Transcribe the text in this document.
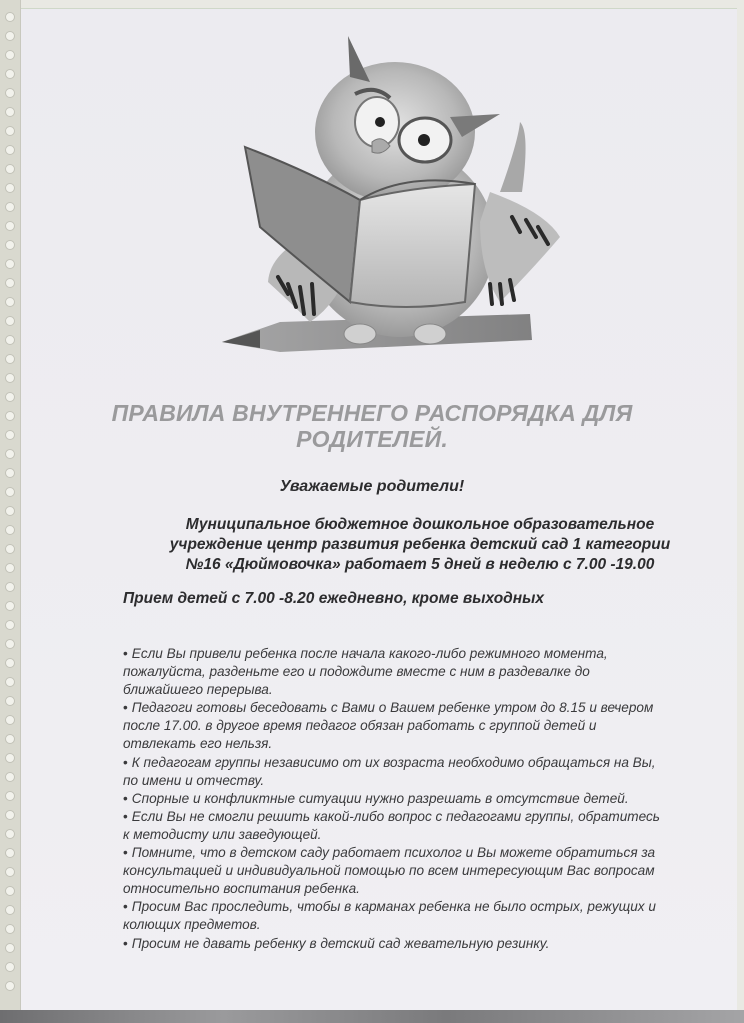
ПРАВИЛА ВНУТРЕННЕГО РАСПОРЯДКА ДЛЯ
РОДИТЕЛЕЙ.
Уважаемые родители!
Муниципальное бюджетное дошкольное образовательное
учреждение центр развития ребенка детский сад 1 категории
№16 «Дюймовочка» работает 5 дней в неделю с 7.00 -19.00
Прием детей с 7.00 -8.20 ежедневно, кроме выходных
• Если Вы привели ребенка после начала какого-либо режимного момента,
пожалуйста, разденьте его и подождите вместе с ним в раздевалке до
ближайшего перерыва.
• Педагоги готовы беседовать с Вами о Вашем ребенке утром до 8.15 и вечером
после 17.00. в другое время педагог обязан работать с группой детей и
отвлекать его нельзя.
• К педагогам группы независимо от их возраста необходимо обращаться на Вы,
по имени и отчеству.
• Спорные и конфликтные ситуации нужно разрешать в отсутствие детей.
• Если Вы не смогли решить какой-либо вопрос с педагогами группы, обратитесь
к методисту или заведующей.
• Помните, что в детском саду работает психолог и Вы можете обратиться за
консультацией и индивидуальной помощью по всем интересующим Вас вопросам
относительно воспитания ребенка.
• Просим Вас проследить, чтобы в карманах ребенка не было острых, режущих и
колющих предметов.
• Просим не давать ребенку в детский сад жевательную резинку.
